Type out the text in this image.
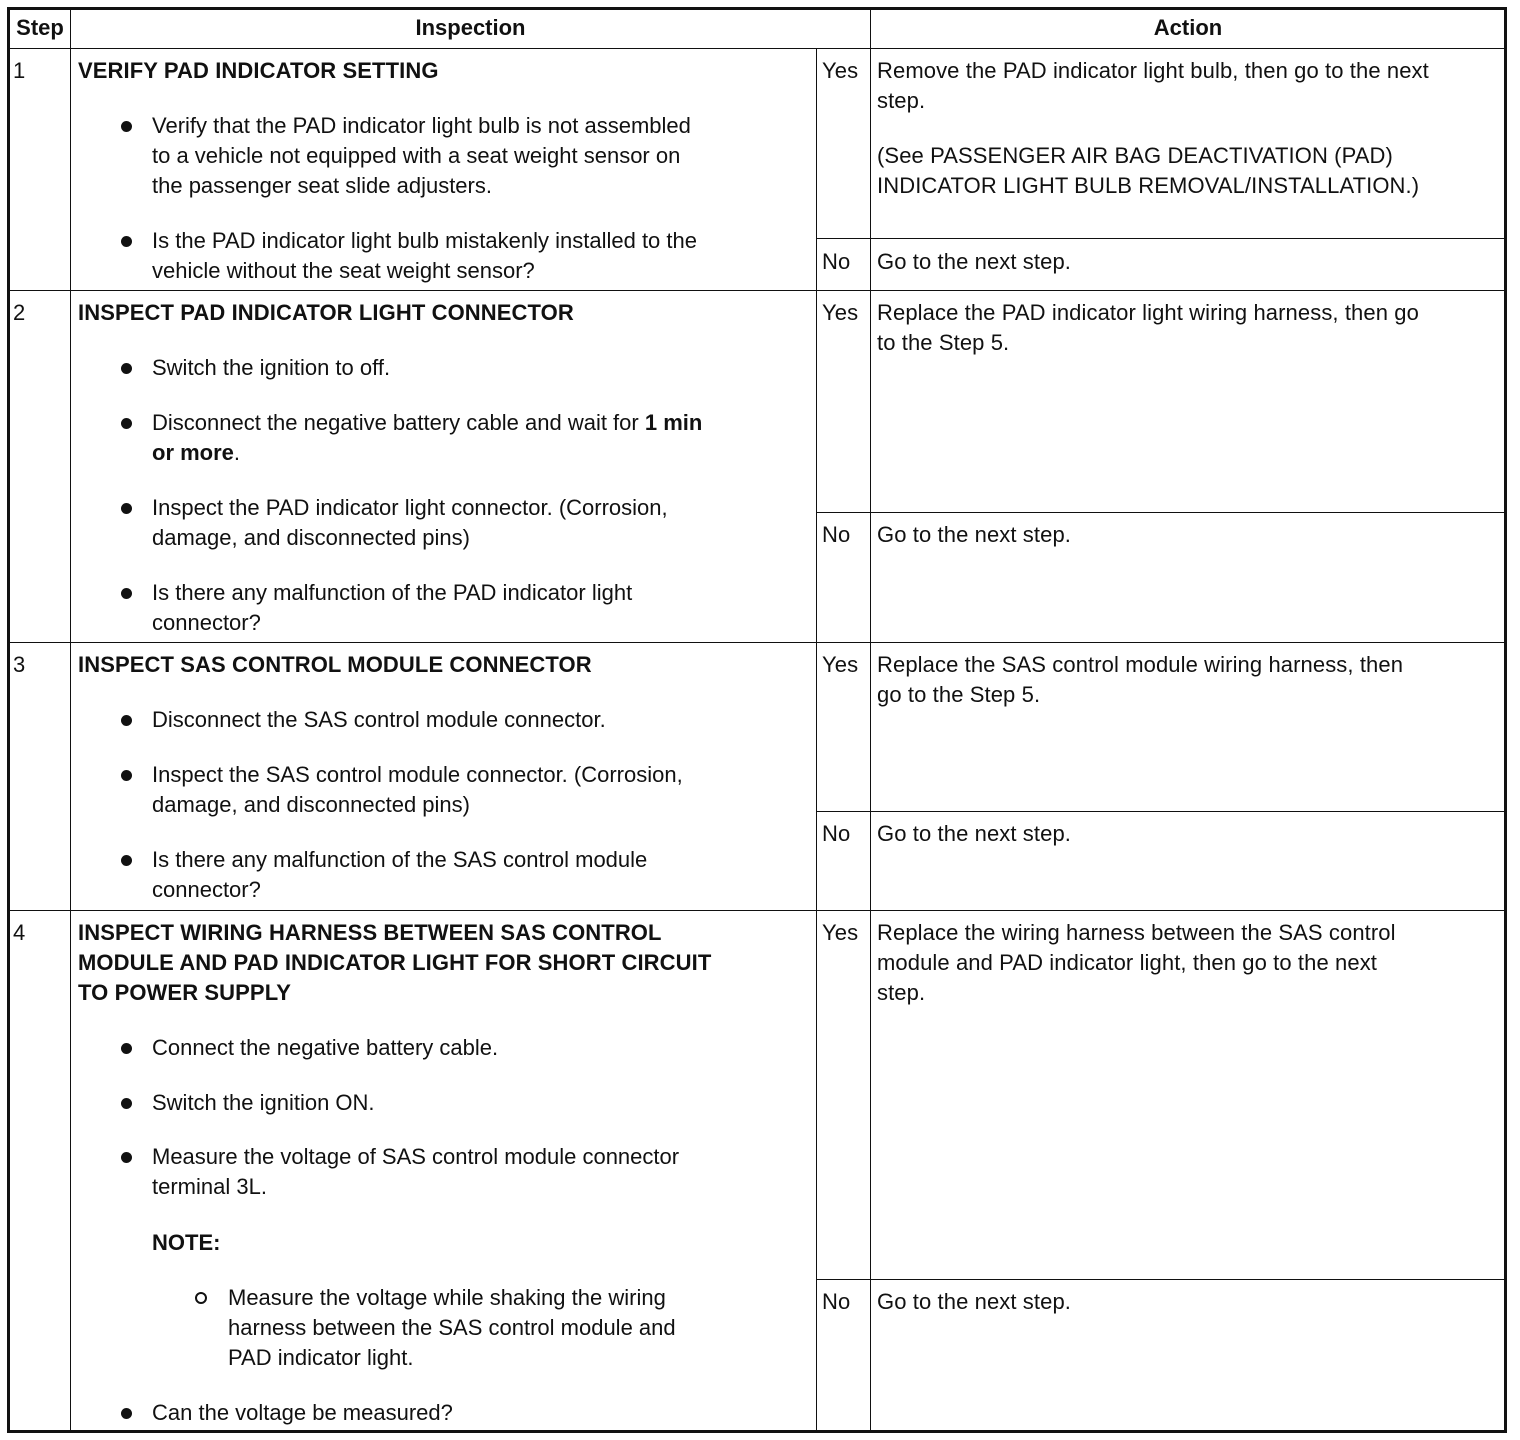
Step	Inspection	Action
1 VERIFY PAD INDICATOR SETTING
Verify that the PAD indicator light bulb is not assembled
to a vehicle not equipped with a seat weight sensor on
the passenger seat slide adjusters.
Is the PAD indicator light bulb mistakenly installed to the
vehicle without the seat weight sensor?
Yes Remove the PAD indicator light bulb, then go to the next
step.
(See PASSENGER AIR BAG DEACTIVATION (PAD)
INDICATOR LIGHT BULB REMOVAL/INSTALLATION.)
No Go to the next step.
2 INSPECT PAD INDICATOR LIGHT CONNECTOR
Switch the ignition to off.
Disconnect the negative battery cable and wait for 1 min
or more.
Inspect the PAD indicator light connector. (Corrosion,
damage, and disconnected pins)
Is there any malfunction of the PAD indicator light
connector?
Yes Replace the PAD indicator light wiring harness, then go
to the Step 5.
No Go to the next step.
3 INSPECT SAS CONTROL MODULE CONNECTOR
Disconnect the SAS control module connector.
Inspect the SAS control module connector. (Corrosion,
damage, and disconnected pins)
Is there any malfunction of the SAS control module
connector?
Yes Replace the SAS control module wiring harness, then
go to the Step 5.
No Go to the next step.
4 INSPECT WIRING HARNESS BETWEEN SAS CONTROL
MODULE AND PAD INDICATOR LIGHT FOR SHORT CIRCUIT
TO POWER SUPPLY
Connect the negative battery cable.
Switch the ignition ON.
Measure the voltage of SAS control module connector
terminal 3L.
NOTE:
Measure the voltage while shaking the wiring
harness between the SAS control module and
PAD indicator light.
Can the voltage be measured?
Yes Replace the wiring harness between the SAS control
module and PAD indicator light, then go to the next
step.
No Go to the next step.
